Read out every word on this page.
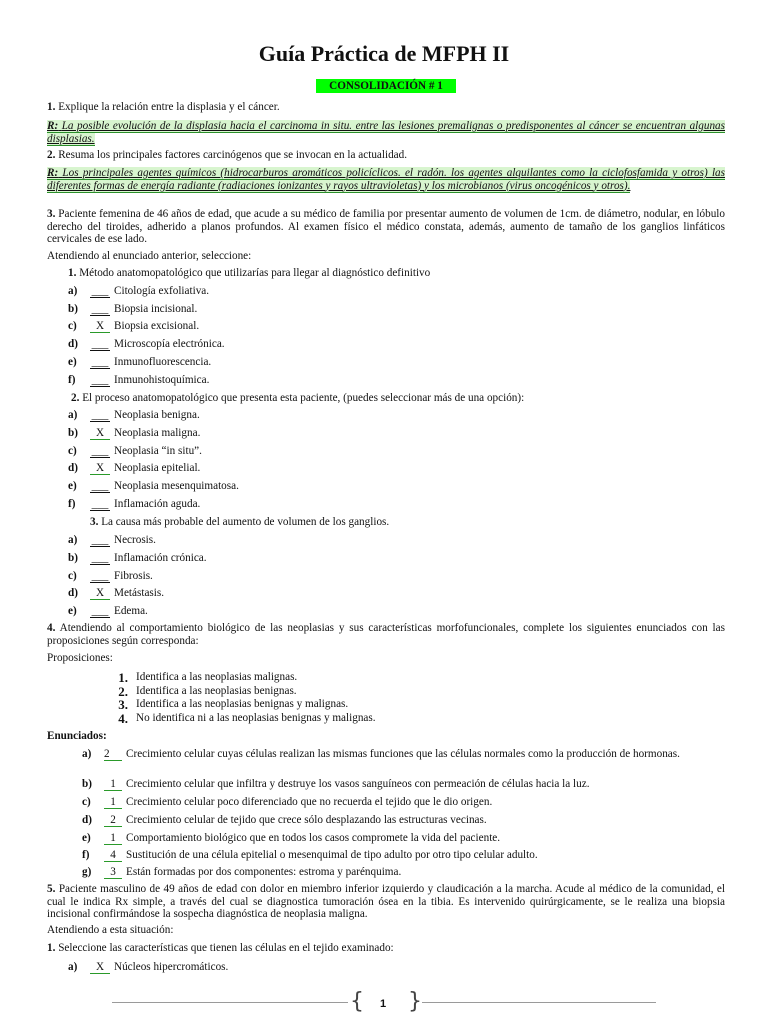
Guía Práctica de MFPH II
CONSOLIDACIÓN # 1
1. Explique la relación entre la displasia y el cáncer.
R: La posible evolución de la displasia hacia el carcinoma in situ. entre las lesiones premalignas o predisponentes al cáncer se encuentran algunas displasias.
2. Resuma los principales factores carcinógenos que se invocan en la actualidad.
R: Los principales agentes químicos (hidrocarburos aromáticos policíclicos. el radón. los agentes alquilantes como la ciclofosfamida y otros) las diferentes formas de energía radiante (radiaciones ionizantes y rayos ultravioletas) y los microbianos (virus oncogénicos y otros).
3. Paciente femenina de 46 años de edad, que acude a su médico de familia por presentar aumento de volumen de 1cm. de diámetro, nodular, en lóbulo derecho del tiroides, adherido a planos profundos. Al examen físico el médico constata, además, aumento de tamaño de los ganglios linfáticos cervicales de ese lado.
Atendiendo al enunciado anterior, seleccione:
1. Método anatomopatológico que utilizarías para llegar al diagnóstico definitivo
a) ___ Citología exfoliativa.
b) ___ Biopsia incisional.
c)	X Biopsia excisional.
d) ___ Microscopía electrónica.
e) ___ Inmunofluorescencia.
f) ___ Inmunohistoquímica.
2. El proceso anatomopatológico que presenta esta paciente, (puedes seleccionar más de una opción):
a) ___ Neoplasia benigna.
b)	X Neoplasia maligna.
c) ___ Neoplasia “in situ”.
d)	X Neoplasia epitelial.
e) ___ Neoplasia mesenquimatosa.
f) ___ Inflamación aguda.
3. La causa más probable del aumento de volumen de los ganglios.
a) ___ Necrosis.
b) ___ Inflamación crónica.
c) ___ Fibrosis.
d)	X Metástasis.
e) ___ Edema.
4. Atendiendo al comportamiento biológico de las neoplasias y sus características morfofuncionales, complete los siguientes enunciados con las proposiciones según corresponda:
Proposiciones:
1. Identifica a las neoplasias malignas.
2. Identifica a las neoplasias benignas.
3. Identifica a las neoplasias benignas y malignas.
4. No identifica ni a las neoplasias benignas y malignas.
Enunciados:
a) 2 Crecimiento celular cuyas células realizan las mismas funciones que las células normales como la producción de hormonas.
b)	1 Crecimiento celular que infiltra y destruye los vasos sanguíneos con permeación de células hacia la luz.
c)	1 Crecimiento celular poco diferenciado que no recuerda el tejido que le dio origen.
d)	2 Crecimiento celular de tejido que crece sólo desplazando las estructuras vecinas.
e)	1 Comportamiento biológico que en todos los casos compromete la vida del paciente.
f)	4 Sustitución de una célula epitelial o mesenquimal de tipo adulto por otro tipo celular adulto.
g)	3 Están formadas por dos componentes: estroma y parénquima.
5. Paciente masculino de 49 años de edad con dolor en miembro inferior izquierdo y claudicación a la marcha. Acude al médico de la comunidad, el cual le indica Rx simple, a través del cual se diagnostica tumoración ósea en la tibia. Es intervenido quirúrgicamente, se le realiza una biopsia incisional confirmándose la sospecha diagnóstica de neoplasia maligna.
Atendiendo a esta situación:
1. Seleccione las características que tienen las células en el tejido examinado:
a)	X Núcleos hipercromáticos.
{ 1 }
